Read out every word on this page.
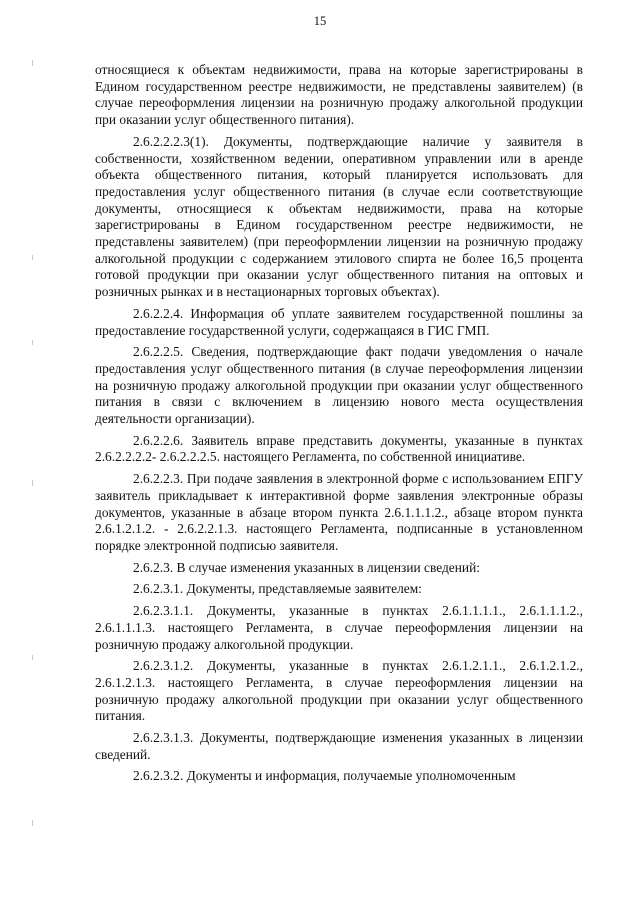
15

относящиеся к объектам недвижимости, права на которые зарегистрированы в Едином государственном реестре недвижимости, не представлены заявителем) (в случае переоформления лицензии на розничную продажу алкогольной продукции при оказании услуг общественного питания).

2.6.2.2.2.3(1). Документы, подтверждающие наличие у заявителя в собственности, хозяйственном ведении, оперативном управлении или в аренде объекта общественного питания, который планируется использовать для предоставления услуг общественного питания (в случае если соответствующие документы, относящиеся к объектам недвижимости, права на которые зарегистрированы в Едином государственном реестре недвижимости, не представлены заявителем) (при переоформлении лицензии на розничную продажу алкогольной продукции с содержанием этилового спирта не более 16,5 процента готовой продукции при оказании услуг общественного питания на оптовых и розничных рынках и в нестационарных торговых объектах).

2.6.2.2.4. Информация об уплате заявителем государственной пошлины за предоставление государственной услуги, содержащаяся в ГИС ГМП.

2.6.2.2.5. Сведения, подтверждающие факт подачи уведомления о начале предоставления услуг общественного питания (в случае переоформления лицензии на розничную продажу алкогольной продукции при оказании услуг общественного питания в связи с включением в лицензию нового места осуществления деятельности организации).

2.6.2.2.6. Заявитель вправе представить документы, указанные в пунктах 2.6.2.2.2.2- 2.6.2.2.2.5. настоящего Регламента, по собственной инициативе.

2.6.2.2.3. При подаче заявления в электронной форме с использованием ЕПГУ заявитель прикладывает к интерактивной форме заявления электронные образы документов, указанные в абзаце втором пункта 2.6.1.1.1.2., абзаце втором пункта 2.6.1.2.1.2. - 2.6.2.2.1.3. настоящего Регламента, подписанные в установленном порядке электронной подписью заявителя.

2.6.2.3. В случае изменения указанных в лицензии сведений:

2.6.2.3.1. Документы, представляемые заявителем:

2.6.2.3.1.1. Документы, указанные в пунктах 2.6.1.1.1.1., 2.6.1.1.1.2., 2.6.1.1.1.3. настоящего Регламента, в случае переоформления лицензии на розничную продажу алкогольной продукции.

2.6.2.3.1.2. Документы, указанные в пунктах 2.6.1.2.1.1., 2.6.1.2.1.2., 2.6.1.2.1.3. настоящего Регламента, в случае переоформления лицензии на розничную продажу алкогольной продукции при оказании услуг общественного питания.

2.6.2.3.1.3. Документы, подтверждающие изменения указанных в лицензии сведений.

2.6.2.3.2. Документы и информация, получаемые уполномоченным
